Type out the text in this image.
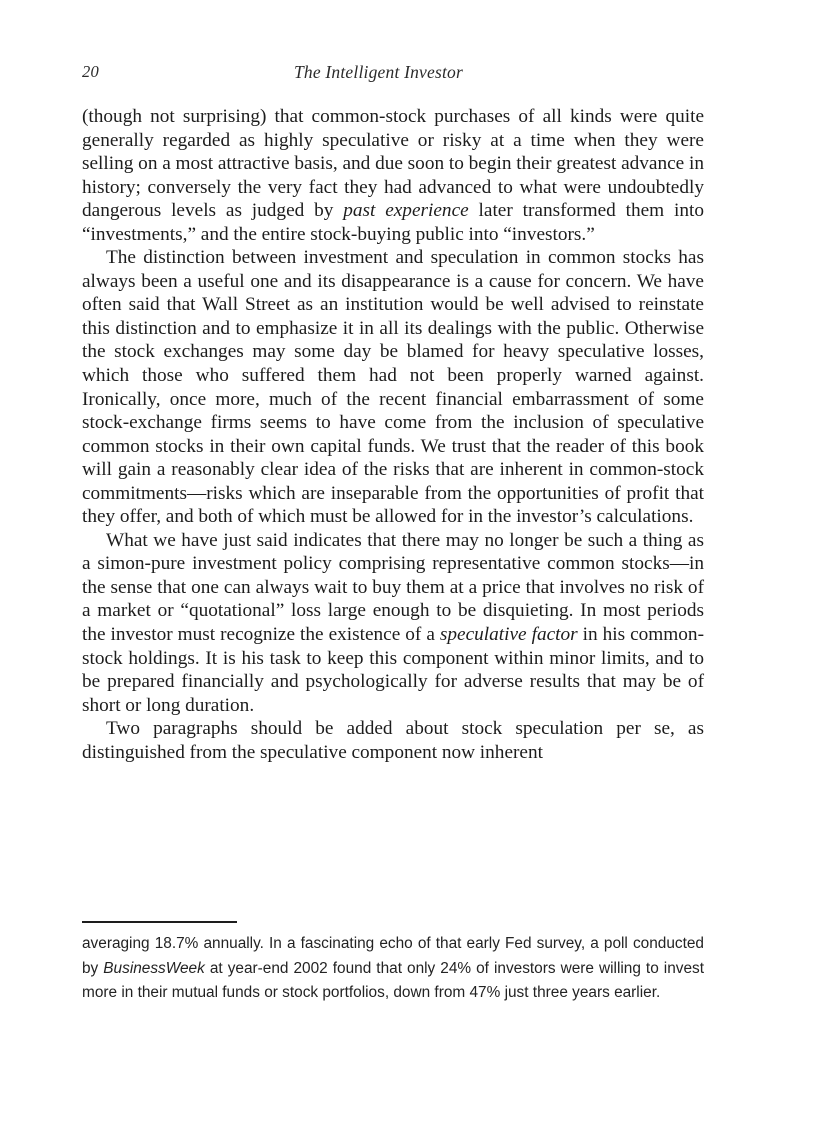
20	The Intelligent Investor

(though not surprising) that common-stock purchases of all kinds were quite generally regarded as highly speculative or risky at a time when they were selling on a most attractive basis, and due soon to begin their greatest advance in history; conversely the very fact they had advanced to what were undoubtedly dangerous levels as judged by past experience later transformed them into “investments,” and the entire stock-buying public into “investors.”

The distinction between investment and speculation in common stocks has always been a useful one and its disappearance is a cause for concern. We have often said that Wall Street as an institution would be well advised to reinstate this distinction and to emphasize it in all its dealings with the public. Otherwise the stock exchanges may some day be blamed for heavy speculative losses, which those who suffered them had not been properly warned against. Ironically, once more, much of the recent financial embarrassment of some stock-exchange firms seems to have come from the inclusion of speculative common stocks in their own capital funds. We trust that the reader of this book will gain a reasonably clear idea of the risks that are inherent in common-stock commitments—risks which are inseparable from the opportunities of profit that they offer, and both of which must be allowed for in the investor’s calculations.

What we have just said indicates that there may no longer be such a thing as a simon-pure investment policy comprising representative common stocks—in the sense that one can always wait to buy them at a price that involves no risk of a market or “quotational” loss large enough to be disquieting. In most periods the investor must recognize the existence of a speculative factor in his common-stock holdings. It is his task to keep this component within minor limits, and to be prepared financially and psychologically for adverse results that may be of short or long duration.

Two paragraphs should be added about stock speculation per se, as distinguished from the speculative component now inherent

averaging 18.7% annually. In a fascinating echo of that early Fed survey, a poll conducted by BusinessWeek at year-end 2002 found that only 24% of investors were willing to invest more in their mutual funds or stock portfolios, down from 47% just three years earlier.
